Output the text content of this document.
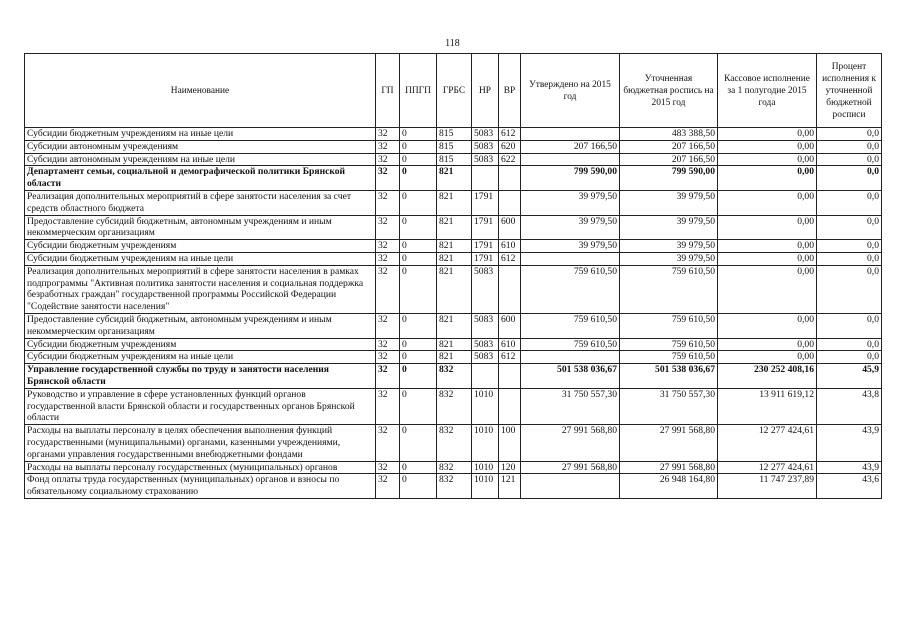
118
Наименование	ГП	ППГП	ГРБС	НР	ВР	Утверждено на 2015 год	Уточненная бюджетная роспись на 2015 год	Кассовое исполнение за 1 полугодие 2015 года	Процент исполнения к уточненной бюджетной росписи
Субсидии бюджетным учреждениям на иные цели	32	0	815	5083	612		483 388,50	0,00	0,0
Субсидии автономным учреждениям	32	0	815	5083	620	207 166,50	207 166,50	0,00	0,0
Субсидии автономным учреждениям на иные цели	32	0	815	5083	622		207 166,50	0,00	0,0
Департамент семьи, социальной и демографической политики Брянской области	32	0	821			799 590,00	799 590,00	0,00	0,0
Реализация дополнительных мероприятий в сфере занятости населения за счет средств областного бюджета	32	0	821	1791		39 979,50	39 979,50	0,00	0,0
Предоставление субсидий бюджетным, автономным учреждениям и иным некоммерческим организациям	32	0	821	1791	600	39 979,50	39 979,50	0,00	0,0
Субсидии бюджетным учреждениям	32	0	821	1791	610	39 979,50	39 979,50	0,00	0,0
Субсидии бюджетным учреждениям на иные цели	32	0	821	1791	612		39 979,50	0,00	0,0
Реализация дополнительных мероприятий в сфере занятости населения в рамках подпрограммы "Активная политика занятости населения и социальная поддержка безработных граждан" государственной программы Российской Федерации "Содействие занятости населения"	32	0	821	5083		759 610,50	759 610,50	0,00	0,0
Предоставление субсидий бюджетным, автономным учреждениям и иным некоммерческим организациям	32	0	821	5083	600	759 610,50	759 610,50	0,00	0,0
Субсидии бюджетным учреждениям	32	0	821	5083	610	759 610,50	759 610,50	0,00	0,0
Субсидии бюджетным учреждениям на иные цели	32	0	821	5083	612		759 610,50	0,00	0,0
Управление государственной службы по труду и занятости населения Брянской области	32	0	832			501 538 036,67	501 538 036,67	230 252 408,16	45,9
Руководство и управление в сфере установленных функций органов государственной власти Брянской области и государственных органов Брянской области	32	0	832	1010		31 750 557,30	31 750 557,30	13 911 619,12	43,8
Расходы на выплаты персоналу в целях обеспечения выполнения функций государственными (муниципальными) органами, казенными учреждениями, органами управления государственными внебюджетными фондами	32	0	832	1010	100	27 991 568,80	27 991 568,80	12 277 424,61	43,9
Расходы на выплаты персоналу государственных (муниципальных) органов	32	0	832	1010	120	27 991 568,80	27 991 568,80	12 277 424,61	43,9
Фонд оплаты труда государственных (муниципальных) органов и взносы по обязательному социальному страхованию	32	0	832	1010	121		26 948 164,80	11 747 237,89	43,6
